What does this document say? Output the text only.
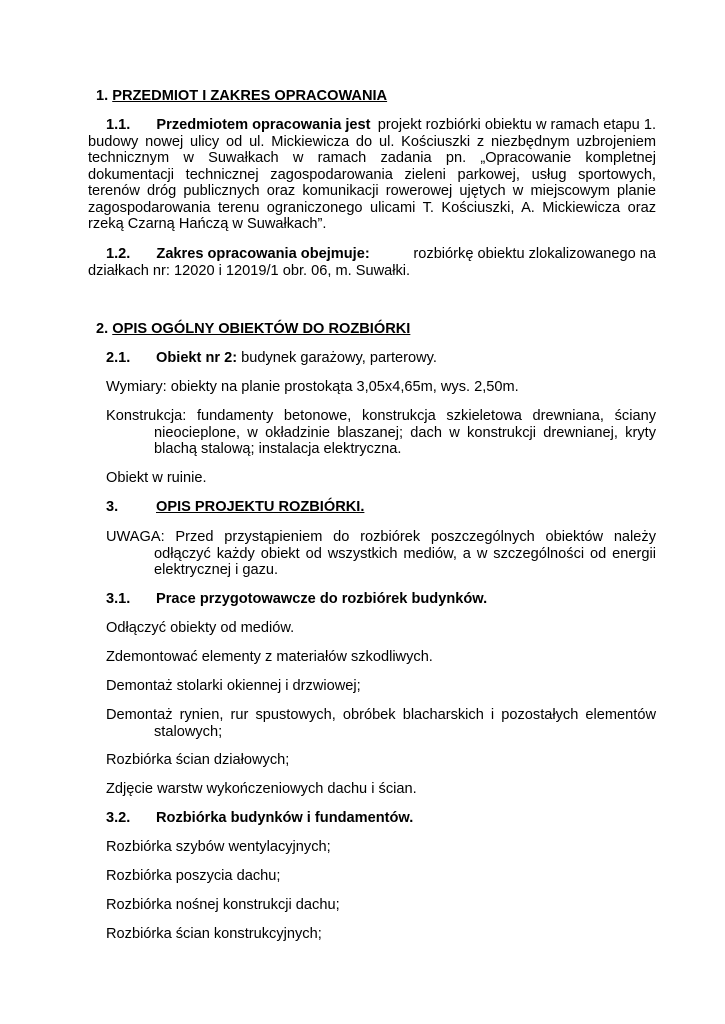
1. PRZEDMIOT I ZAKRES OPRACOWANIA
1.1. Przedmiotem opracowania jest projekt rozbiórki obiektu w ramach etapu 1.
budowy nowej ulicy od ul. Mickiewicza do ul. Kościuszki z niezbędnym uzbrojeniem
technicznym w Suwałkach w ramach zadania pn. „Opracowanie kompletnej
dokumentacji technicznej zagospodarowania zieleni parkowej, usług sportowych,
terenów dróg publicznych oraz komunikacji rowerowej ujętych w miejscowym planie
zagospodarowania terenu ograniczonego ulicami T. Kościuszki, A. Mickiewicza oraz
rzeką Czarną Hańczą w Suwałkach”.
1.2. Zakres opracowania obejmuje:	rozbiórkę obiektu zlokalizowanego na
działkach nr: 12020 i 12019/1 obr. 06, m. Suwałki.
2. OPIS OGÓLNY OBIEKTÓW DO ROZBIÓRKI
2.1. Obiekt nr 2: budynek garażowy, parterowy.
Wymiary: obiekty na planie prostokąta 3,05x4,65m, wys. 2,50m.
Konstrukcja: fundamenty betonowe, konstrukcja szkieletowa drewniana, ściany
nieocieplone, w okładzinie blaszanej; dach w konstrukcji drewnianej, kryty
blachą stalową; instalacja elektryczna.
Obiekt w ruinie.
3.	OPIS PROJEKTU ROZBIÓRKI.
UWAGA: Przed przystąpieniem do rozbiórek poszczególnych obiektów należy
odłączyć każdy obiekt od wszystkich mediów, a w szczególności od energii
elektrycznej i gazu.
3.1. Prace przygotowawcze do rozbiórek budynków.
Odłączyć obiekty od mediów.
Zdemontować elementy z materiałów szkodliwych.
Demontaż stolarki okiennej i drzwiowej;
Demontaż rynien, rur spustowych, obróbek blacharskich i pozostałych elementów
stalowych;
Rozbiórka ścian działowych;
Zdjęcie warstw wykończeniowych dachu i ścian.
3.2. Rozbiórka budynków i fundamentów.
Rozbiórka szybów wentylacyjnych;
Rozbiórka poszycia dachu;
Rozbiórka nośnej konstrukcji dachu;
Rozbiórka ścian konstrukcyjnych;
